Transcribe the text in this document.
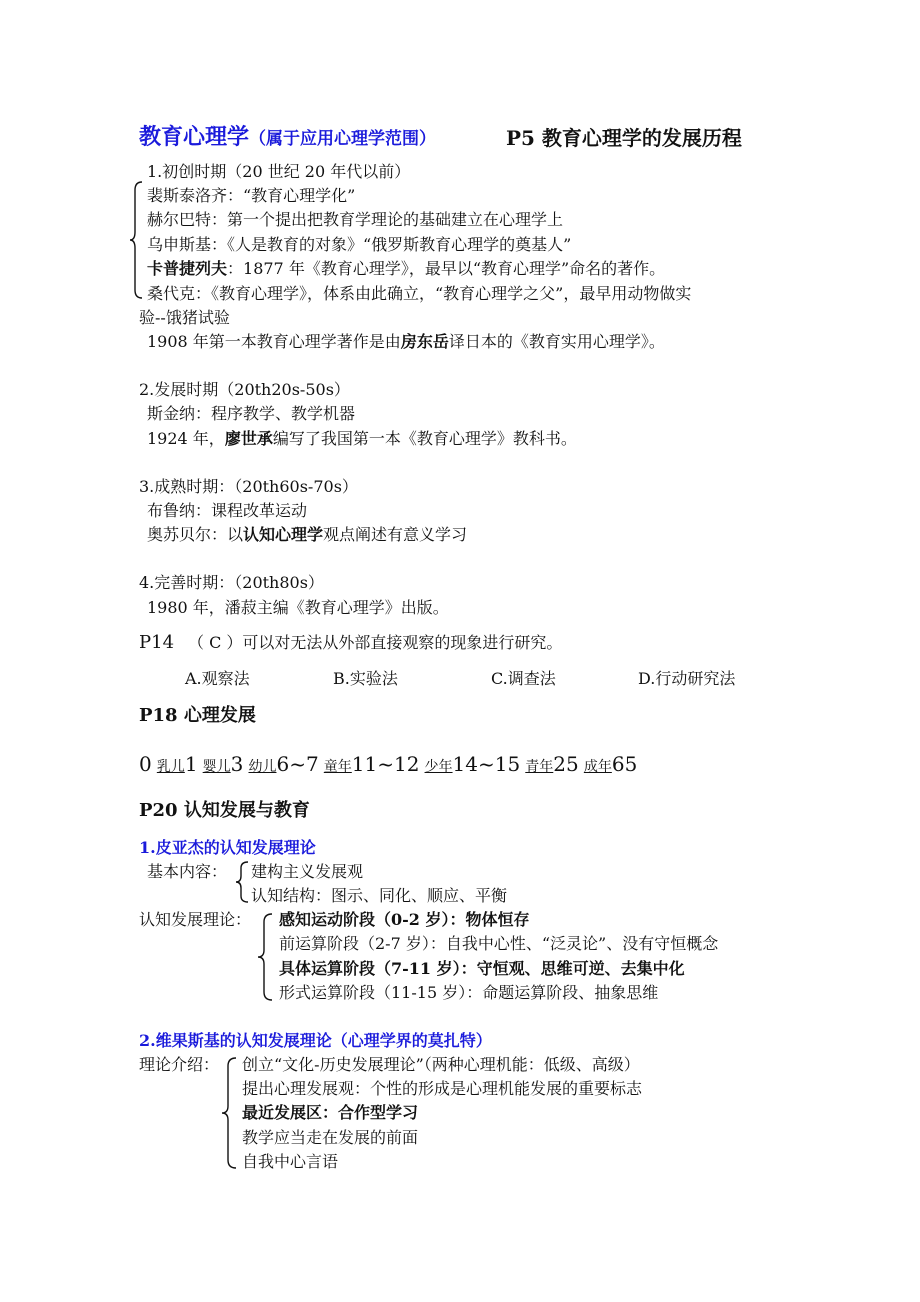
教育心理学（属于应用心理学范围）	P5 教育心理学的发展历程
1.初创时期（20 世纪 20 年代以前）
裴斯泰洛齐：“教育心理学化”
赫尔巴特：第一个提出把教育学理论的基础建立在心理学上
乌申斯基：《人是教育的对象》“俄罗斯教育心理学的奠基人”
卡普捷列夫：1877 年《教育心理学》，最早以“教育心理学”命名的著作。
桑代克：《教育心理学》，体系由此确立，“教育心理学之父”，最早用动物做实
验--饿猪试验
1908 年第一本教育心理学著作是由房东岳译日本的《教育实用心理学》。
2.发展时期（20th20s-50s）
斯金纳：程序教学、教学机器
1924 年，廖世承编写了我国第一本《教育心理学》教科书。
3.成熟时期：（20th60s-70s）
布鲁纳：课程改革运动
奥苏贝尔：以认知心理学观点阐述有意义学习
4.完善时期：（20th80s）
1980 年，潘菽主编《教育心理学》出版。
P14 （ C ）可以对无法从外部直接观察的现象进行研究。
A.观察法	B.实验法	C.调查法	D.行动研究法
P18 心理发展
0 乳儿1 婴儿3 幼儿6~7 童年11~12 少年14~15 青年25 成年65
P20 认知发展与教育
1.皮亚杰的认知发展理论
基本内容： 建构主义发展观
认知结构：图示、同化、顺应、平衡
认知发展理论： 感知运动阶段（0-2 岁）：物体恒存
前运算阶段（2-7 岁）：自我中心性、“泛灵论”、没有守恒概念
具体运算阶段（7-11 岁）：守恒观、思维可逆、去集中化
形式运算阶段（11-15 岁）：命题运算阶段、抽象思维
2.维果斯基的认知发展理论（心理学界的莫扎特）
理论介绍： 创立“文化-历史发展理论”（两种心理机能：低级、高级）
提出心理发展观：个性的形成是心理机能发展的重要标志
最近发展区：合作型学习
教学应当走在发展的前面
自我中心言语
